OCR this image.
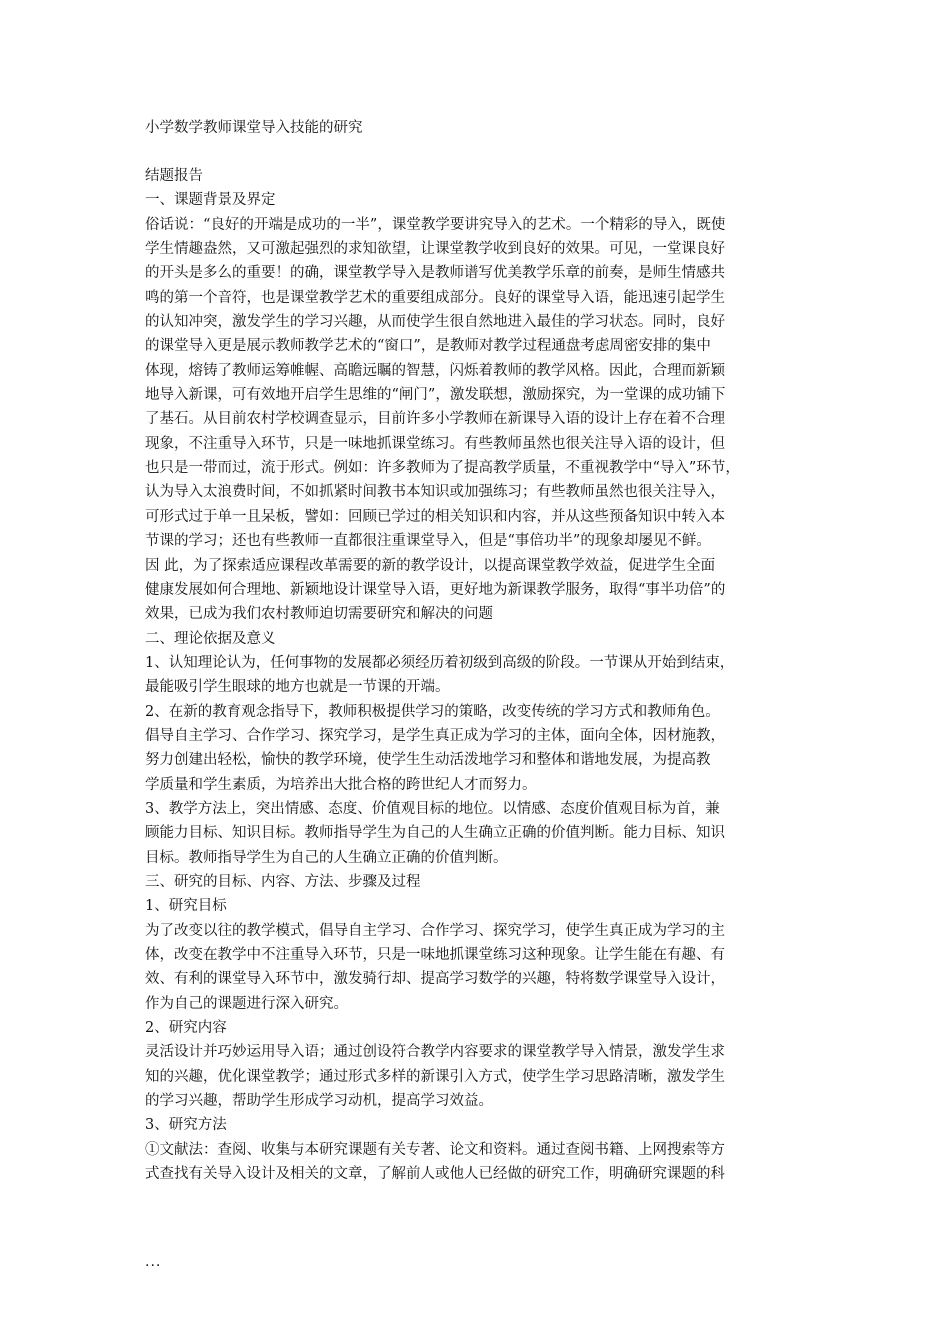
小学数学教师课堂导入技能的研究
结题报告
一、课题背景及界定
俗话说：“良好的开端是成功的一半”，课堂教学要讲究导入的艺术。一个精彩的导入，既使
学生情趣盎然，又可激起强烈的求知欲望，让课堂教学收到良好的效果。可见，一堂课良好
的开头是多么的重要！的确，课堂教学导入是教师谱写优美教学乐章的前奏，是师生情感共
鸣的第一个音符，也是课堂教学艺术的重要组成部分。良好的课堂导入语，能迅速引起学生
的认知冲突，激发学生的学习兴趣，从而使学生很自然地进入最佳的学习状态。同时，良好
的课堂导入更是展示教师教学艺术的“窗口”，是教师对教学过程通盘考虑周密安排的集中
体现，熔铸了教师运筹帷幄、高瞻远瞩的智慧，闪烁着教师的教学风格。因此，合理而新颖
地导入新课，可有效地开启学生思维的“闸门”，激发联想，激励探究，为一堂课的成功铺下
了基石。从目前农村学校调查显示，目前许多小学教师在新课导入语的设计上存在着不合理
现象，不注重导入环节，只是一味地抓课堂练习。有些教师虽然也很关注导入语的设计，但
也只是一带而过，流于形式。例如：许多教师为了提高教学质量，不重视教学中“导入”环节，
认为导入太浪费时间，不如抓紧时间教书本知识或加强练习；有些教师虽然也很关注导入，
可形式过于单一且呆板，譬如：回顾已学过的相关知识和内容，并从这些预备知识中转入本
节课的学习；还也有些教师一直都很注重课堂导入，但是“事倍功半”的现象却屡见不鲜。
因 此，为了探索适应课程改革需要的新的教学设计，以提高课堂教学效益，促进学生全面
健康发展如何合理地、新颖地设计课堂导入语，更好地为新课教学服务，取得“事半功倍”的
效果，已成为我们农村教师迫切需要研究和解决的问题
二、理论依据及意义
1、认知理论认为，任何事物的发展都必须经历着初级到高级的阶段。一节课从开始到结束，
最能吸引学生眼球的地方也就是一节课的开端。
2、在新的教育观念指导下，教师积极提供学习的策略，改变传统的学习方式和教师角色。
倡导自主学习、合作学习、探究学习，是学生真正成为学习的主体，面向全体，因材施教，
努力创建出轻松，愉快的教学环境，使学生生动活泼地学习和整体和谐地发展，为提高教
学质量和学生素质，为培养出大批合格的跨世纪人才而努力。
3、教学方法上，突出情感、态度、价值观目标的地位。以情感、态度价值观目标为首，兼
顾能力目标、知识目标。教师指导学生为自己的人生确立正确的价值判断。能力目标、知识
目标。教师指导学生为自己的人生确立正确的价值判断。
三、研究的目标、内容、方法、步骤及过程
1、研究目标
为了改变以往的教学模式，倡导自主学习、合作学习、探究学习，使学生真正成为学习的主
体，改变在教学中不注重导入环节，只是一味地抓课堂练习这种现象。让学生能在有趣、有
效、有利的课堂导入环节中，激发骑行却、提高学习数学的兴趣，特将数学课堂导入设计，
作为自己的课题进行深入研究。
2、研究内容
灵活设计并巧妙运用导入语；通过创设符合教学内容要求的课堂教学导入情景，激发学生求
知的兴趣，优化课堂教学；通过形式多样的新课引入方式，使学生学习思路清晰，激发学生
的学习兴趣，帮助学生形成学习动机，提高学习效益。
3、研究方法
①文献法：查阅、收集与本研究课题有关专著、论文和资料。通过查阅书籍、上网搜索等方
式查找有关导入设计及相关的文章，了解前人或他人已经做的研究工作，明确研究课题的科
...
